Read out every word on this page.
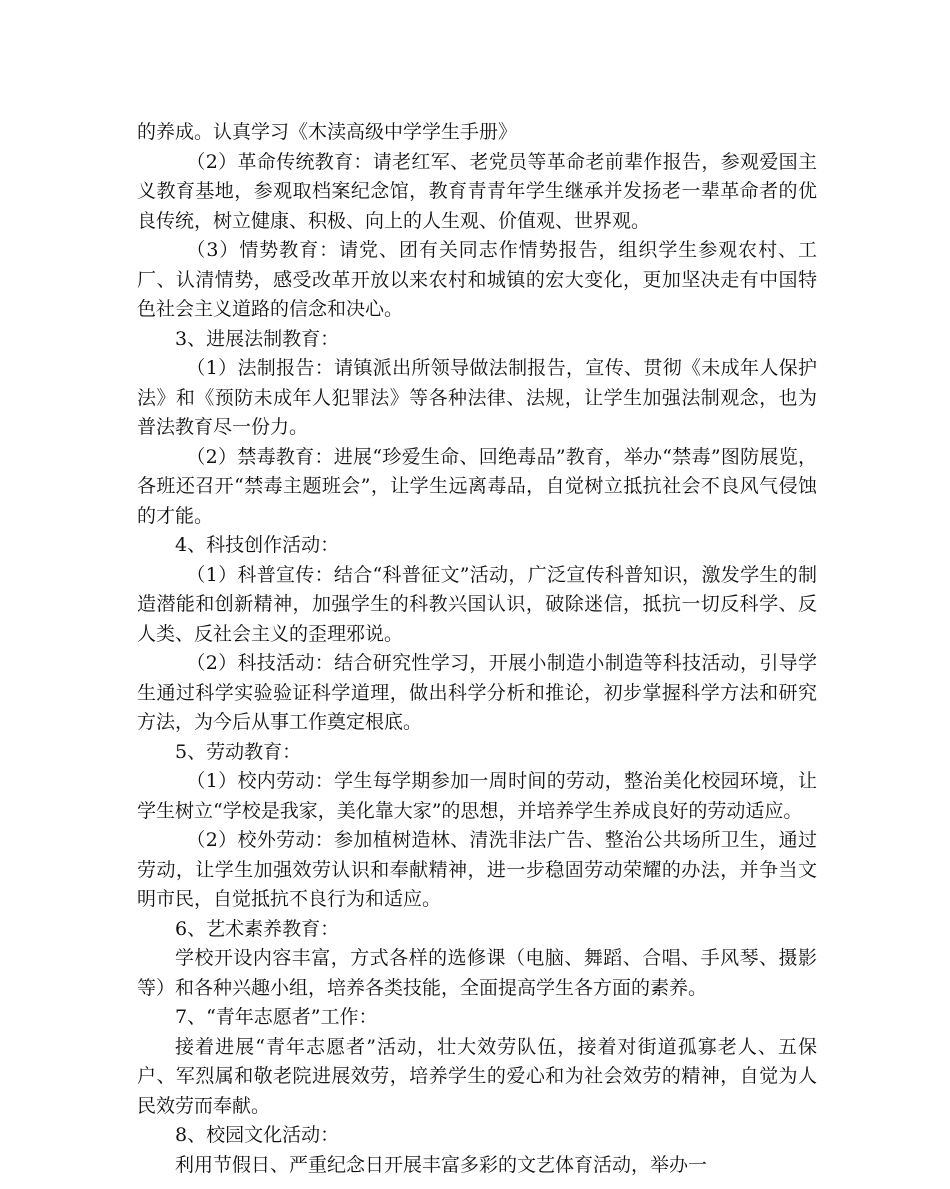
的养成。认真学习《木渎高级中学学生手册》

（2）革命传统教育：请老红军、老党员等革命老前辈作报告，参观爱国主义教育基地，参观取档案纪念馆，教育青青年学生继承并发扬老一辈革命者的优良传统，树立健康、积极、向上的人生观、价值观、世界观。

（3）情势教育：请党、团有关同志作情势报告，组织学生参观农村、工厂、认清情势，感受改革开放以来农村和城镇的宏大变化，更加坚决走有中国特色社会主义道路的信念和决心。

3、进展法制教育：

（1）法制报告：请镇派出所领导做法制报告，宣传、贯彻《未成年人保护法》和《预防未成年人犯罪法》等各种法律、法规，让学生加强法制观念，也为普法教育尽一份力。

（2）禁毒教育：进展“珍爱生命、回绝毒品”教育，举办“禁毒”图防展览，各班还召开“禁毒主题班会”，让学生远离毒品，自觉树立抵抗社会不良风气侵蚀的才能。

4、科技创作活动：

（1）科普宣传：结合“科普征文”活动，广泛宣传科普知识，激发学生的制造潜能和创新精神，加强学生的科教兴国认识，破除迷信，抵抗一切反科学、反人类、反社会主义的歪理邪说。

（2）科技活动：结合研究性学习，开展小制造小制造等科技活动，引导学生通过科学实验验证科学道理，做出科学分析和推论，初步掌握科学方法和研究方法，为今后从事工作奠定根底。

5、劳动教育：

（1）校内劳动：学生每学期参加一周时间的劳动，整治美化校园环境，让学生树立“学校是我家，美化靠大家”的思想，并培养学生养成良好的劳动适应。

（2）校外劳动：参加植树造林、清洗非法广告、整治公共场所卫生，通过劳动，让学生加强效劳认识和奉献精神，进一步稳固劳动荣耀的办法，并争当文明市民，自觉抵抗不良行为和适应。

6、艺术素养教育：

学校开设内容丰富，方式各样的选修课（电脑、舞蹈、合唱、手风琴、摄影等）和各种兴趣小组，培养各类技能，全面提高学生各方面的素养。

7、“青年志愿者”工作：

接着进展“青年志愿者”活动，壮大效劳队伍，接着对街道孤寡老人、五保户、军烈属和敬老院进展效劳，培养学生的爱心和为社会效劳的精神，自觉为人民效劳而奉献。

8、校园文化活动：

利用节假日、严重纪念日开展丰富多彩的文艺体育活动，举办一
